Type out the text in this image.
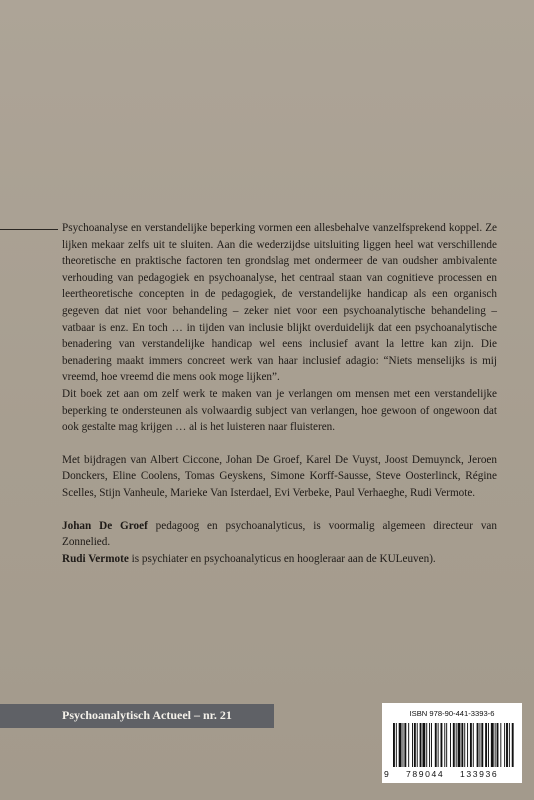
Psychoanalyse en verstandelijke beperking vormen een allesbehalve vanzelfsprekend koppel. Ze lijken mekaar zelfs uit te sluiten. Aan die wederzijdse uitsluiting liggen heel wat verschillende theoretische en praktische factoren ten grondslag met ondermeer de van oudsher ambivalente verhouding van pedagogiek en psychoanalyse, het centraal staan van cognitieve processen en leertheoretische concepten in de pedagogiek, de verstandelijke handicap als een organisch gegeven dat niet voor behandeling – zeker niet voor een psychoanalytische behandeling – vatbaar is enz. En toch … in tijden van inclusie blijkt overduidelijk dat een psychoanalytische benadering van verstandelijke handicap wel eens inclusief avant la lettre kan zijn. Die benadering maakt immers concreet werk van haar inclusief adagio: “Niets menselijks is mij vreemd, hoe vreemd die mens ook moge lijken”.

Dit boek zet aan om zelf werk te maken van je verlangen om mensen met een verstandelijke beperking te ondersteunen als volwaardig subject van verlangen, hoe gewoon of ongewoon dat ook gestalte mag krijgen … al is het luisteren naar fluisteren.

Met bijdragen van Albert Ciccone, Johan De Groef, Karel De Vuyst, Joost Demuynck, Jeroen Donckers, Eline Coolens, Tomas Geyskens, Simone Korff-Sausse, Steve Oosterlinck, Régine Scelles, Stijn Vanheule, Marieke Van Isterdael, Evi Verbeke, Paul Verhaeghe, Rudi Vermote.

Johan De Groef pedagoog en psychoanalyticus, is voormalig algemeen directeur van Zonnelied.

Rudi Vermote is psychiater en psychoanalyticus en hoogleraar aan de KULeuven).

Psychoanalytisch Actueel – nr. 21	ISBN 978-90-441-3393-6
9 789044 133936
